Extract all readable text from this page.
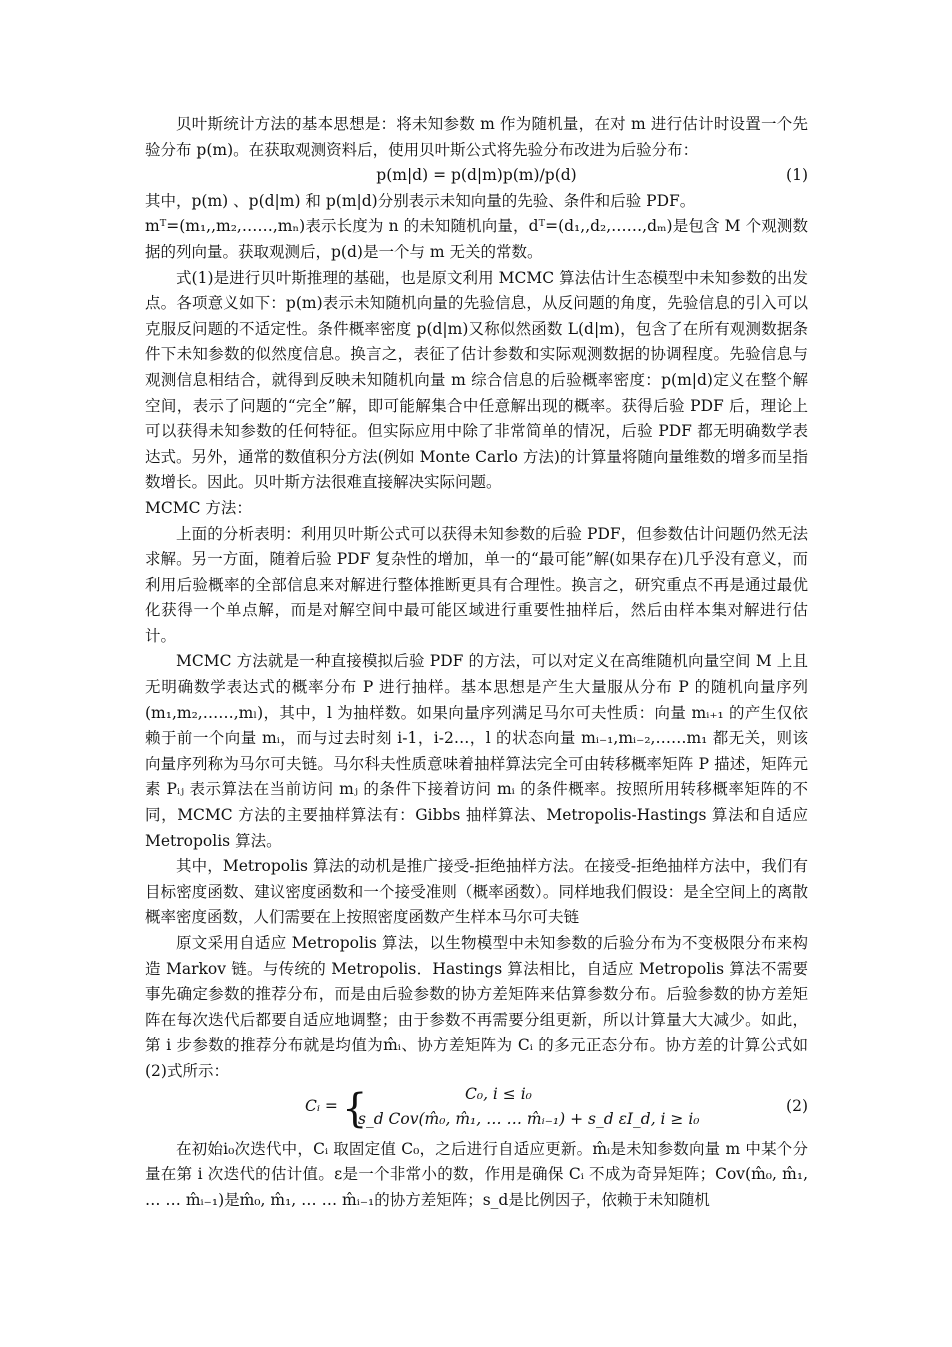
贝叶斯统计方法的基本思想是：将未知参数 m 作为随机量，在对 m 进行估计时设置一个先验分布 p(m)。在获取观测资料后，使用贝叶斯公式将先验分布改进为后验分布：

p(m|d) = p(d|m)p(m)/p(d)	(1)

其中，p(m) 、p(d|m) 和 p(m|d)分别表示未知向量的先验、条件和后验 PDF。

mᵀ=(m₁,,m₂,……,mₙ)表示长度为 n 的未知随机向量，dᵀ=(d₁,,d₂,……,dₘ)是包含 M 个观测数据的列向量。获取观测后，p(d)是一个与 m 无关的常数。

式(1)是进行贝叶斯推理的基础，也是原文利用 MCMC 算法估计生态模型中未知参数的出发点。各项意义如下：p(m)表示未知随机向量的先验信息，从反问题的角度，先验信息的引入可以克服反问题的不适定性。条件概率密度 p(d|m)又称似然函数 L(d|m)，包含了在所有观测数据条件下未知参数的似然度信息。换言之，表征了估计参数和实际观测数据的协调程度。先验信息与观测信息相结合，就得到反映未知随机向量 m 综合信息的后验概率密度：p(m|d)定义在整个解空间，表示了问题的“完全”解，即可能解集合中任意解出现的概率。获得后验 PDF 后，理论上可以获得未知参数的任何特征。但实际应用中除了非常简单的情况，后验 PDF 都无明确数学表达式。另外，通常的数值积分方法(例如 Monte Carlo 方法)的计算量将随向量维数的增多而呈指数增长。因此。贝叶斯方法很难直接解决实际问题。

MCMC 方法：

上面的分析表明：利用贝叶斯公式可以获得未知参数的后验 PDF，但参数估计问题仍然无法求解。另一方面，随着后验 PDF 复杂性的增加，单一的“最可能”解(如果存在)几乎没有意义，而利用后验概率的全部信息来对解进行整体推断更具有合理性。换言之，研究重点不再是通过最优化获得一个单点解，而是对解空间中最可能区域进行重要性抽样后，然后由样本集对解进行估计。

MCMC 方法就是一种直接模拟后验 PDF 的方法，可以对定义在高维随机向量空间 M 上且无明确数学表达式的概率分布 P 进行抽样。基本思想是产生大量服从分布 P 的随机向量序列(m₁,m₂,……,mₗ)，其中，l 为抽样数。如果向量序列满足马尔可夫性质：向量 mᵢ₊₁ 的产生仅依赖于前一个向量 mᵢ，而与过去时刻 i-1，i-2…，l 的状态向量 mᵢ₋₁,mᵢ₋₂,……m₁ 都无关，则该向量序列称为马尔可夫链。马尔科夫性质意味着抽样算法完全可由转移概率矩阵 P 描述，矩阵元素 Pᵢⱼ 表示算法在当前访问 mⱼ 的条件下接着访问 mᵢ 的条件概率。按照所用转移概率矩阵的不同，MCMC 方法的主要抽样算法有：Gibbs 抽样算法、Metropolis-Hastings 算法和自适应 Metropolis 算法。

其中，Metropolis 算法的动机是推广接受-拒绝抽样方法。在接受-拒绝抽样方法中，我们有目标密度函数、建议密度函数和一个接受准则（概率函数）。同样地我们假设：是全空间上的离散概率密度函数，人们需要在上按照密度函数产生样本马尔可夫链

原文采用自适应 Metropolis 算法，以生物模型中未知参数的后验分布为不变极限分布来构造 Markov 链。与传统的 Metropolis．Hastings 算法相比，自适应 Metropolis 算法不需要事先确定参数的推荐分布，而是由后验参数的协方差矩阵来估算参数分布。后验参数的协方差矩阵在每次迭代后都要自适应地调整；由于参数不再需要分组更新，所以计算量大大减少。如此，第 i 步参数的推荐分布就是均值为m̂ᵢ、协方差矩阵为 Cᵢ 的多元正态分布。协方差的计算公式如(2)式所示：

Cᵢ = {	C₀, i ≤ i₀
s_d Cov(m̂₀, m̂₁, … … m̂ᵢ₋₁) + s_d εI_d, i ≥ i₀
(2)

在初始i₀次迭代中，Cᵢ 取固定值 C₀，之后进行自适应更新。m̂ᵢ是未知参数向量 m 中某个分量在第 i 次迭代的估计值。ε是一个非常小的数，作用是确保 Cᵢ 不成为奇异矩阵；Cov(m̂₀, m̂₁, … … m̂ᵢ₋₁)是m̂₀, m̂₁, … … m̂ᵢ₋₁的协方差矩阵；s_d是比例因子，依赖于未知随机
